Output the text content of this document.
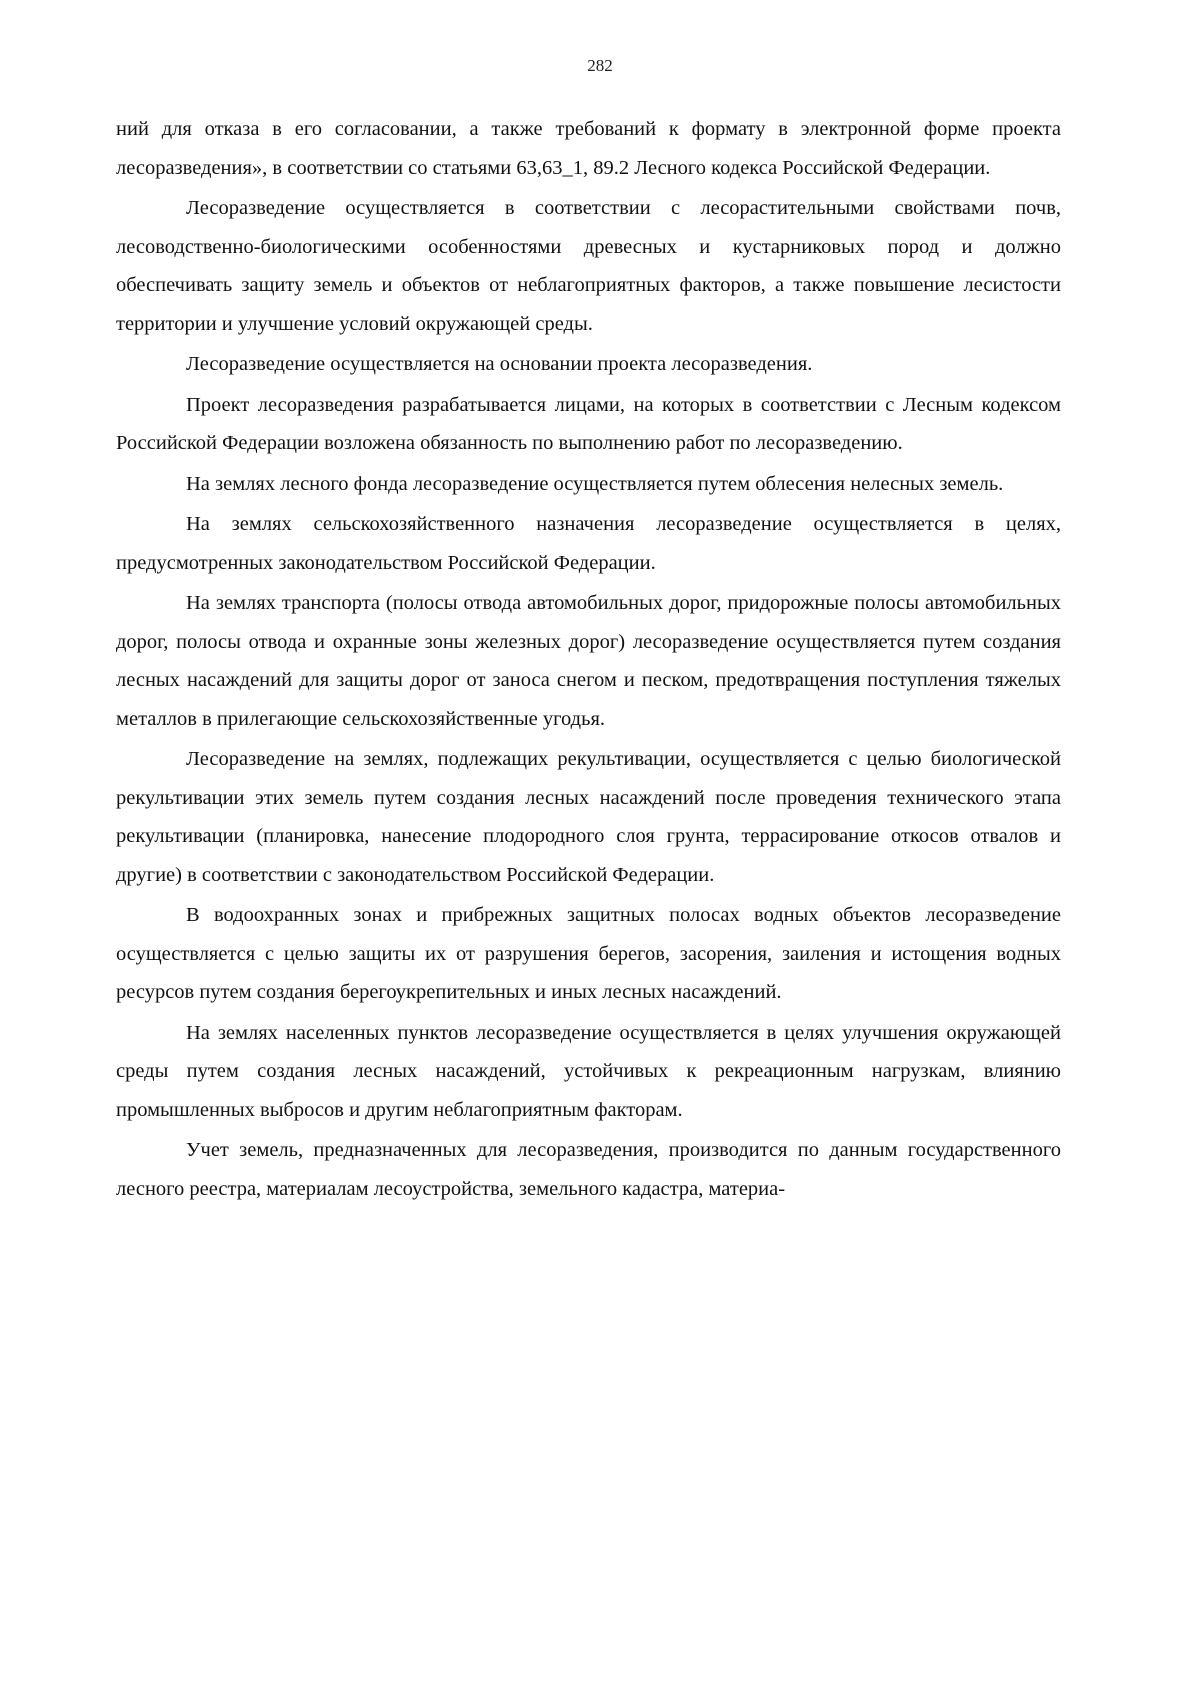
282

ний для отказа в его согласовании, а также требований к формату в электронной форме проекта лесоразведения», в соответствии со статьями 63,63_1, 89.2 Лесного кодекса Российской Федерации.

Лесоразведение осуществляется в соответствии с лесорастительными свойствами почв, лесоводственно-биологическими особенностями древесных и кустарниковых пород и должно обеспечивать защиту земель и объектов от неблагоприятных факторов, а также повышение лесистости территории и улучшение условий окружающей среды.

Лесоразведение осуществляется на основании проекта лесоразведения.

Проект лесоразведения разрабатывается лицами, на которых в соответствии с Лесным кодексом Российской Федерации возложена обязанность по выполнению работ по лесоразведению.

На землях лесного фонда лесоразведение осуществляется путем облесения нелесных земель.

На землях сельскохозяйственного назначения лесоразведение осуществляется в целях, предусмотренных законодательством Российской Федерации.

На землях транспорта (полосы отвода автомобильных дорог, придорожные полосы автомобильных дорог, полосы отвода и охранные зоны железных дорог) лесоразведение осуществляется путем создания лесных насаждений для защиты дорог от заноса снегом и песком, предотвращения поступления тяжелых металлов в прилегающие сельскохозяйственные угодья.

Лесоразведение на землях, подлежащих рекультивации, осуществляется с целью биологической рекультивации этих земель путем создания лесных насаждений после проведения технического этапа рекультивации (планировка, нанесение плодородного слоя грунта, террасирование откосов отвалов и другие) в соответствии с законодательством Российской Федерации.

В водоохранных зонах и прибрежных защитных полосах водных объектов лесоразведение осуществляется с целью защиты их от разрушения берегов, засорения, заиления и истощения водных ресурсов путем создания берегоукрепительных и иных лесных насаждений.

На землях населенных пунктов лесоразведение осуществляется в целях улучшения окружающей среды путем создания лесных насаждений, устойчивых к рекреационным нагрузкам, влиянию промышленных выбросов и другим неблагоприятным факторам.

Учет земель, предназначенных для лесоразведения, производится по данным государственного лесного реестра, материалам лесоустройства, земельного кадастра, материа-
